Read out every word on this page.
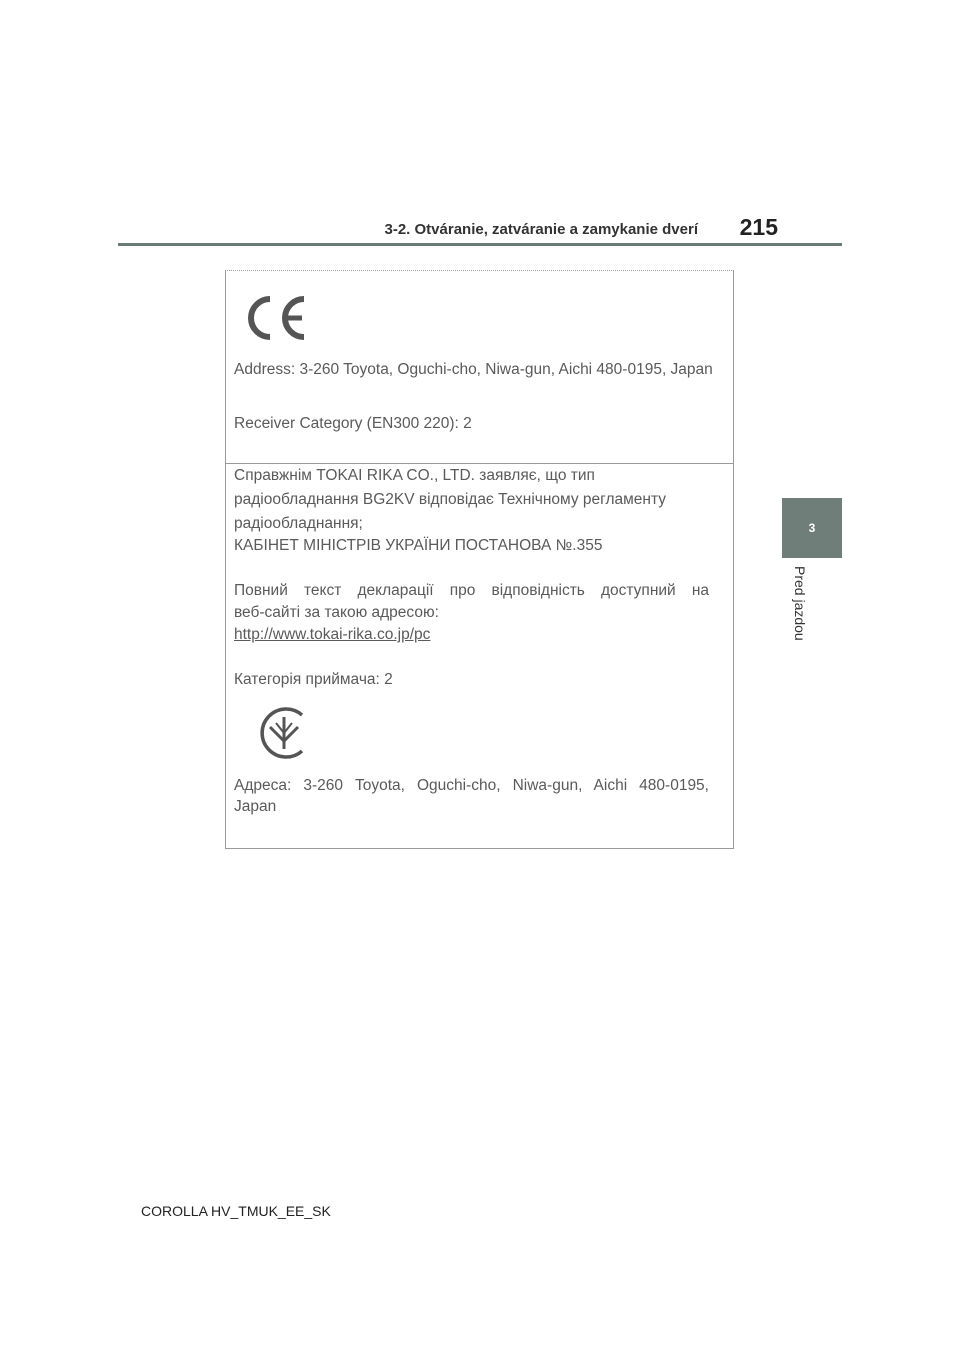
3-2. Otváranie, zatváranie a zamykanie dverí	215
3
Pred jazdou
Address: 3-260 Toyota, Oguchi-cho, Niwa-gun, Aichi 480-0195, Japan
Receiver Category (EN300 220): 2
Справжнім TOKAI RIKA CO., LTD. заявляє, що тип
радіообладнання BG2KV відповідає Технічному регламенту
радіообладнання;
КАБІНЕТ МІНІСТРІВ УКРАЇНИ ПОСТАНОВА №.355
Повний текст декларації про відповідність доступний на
веб-сайті за такою адресою:
http://www.tokai-rika.co.jp/pc
Категорія приймача: 2
Адреса: 3-260 Toyota, Oguchi-cho, Niwa-gun, Aichi 480-0195,
Japan
COROLLA HV_TMUK_EE_SK
